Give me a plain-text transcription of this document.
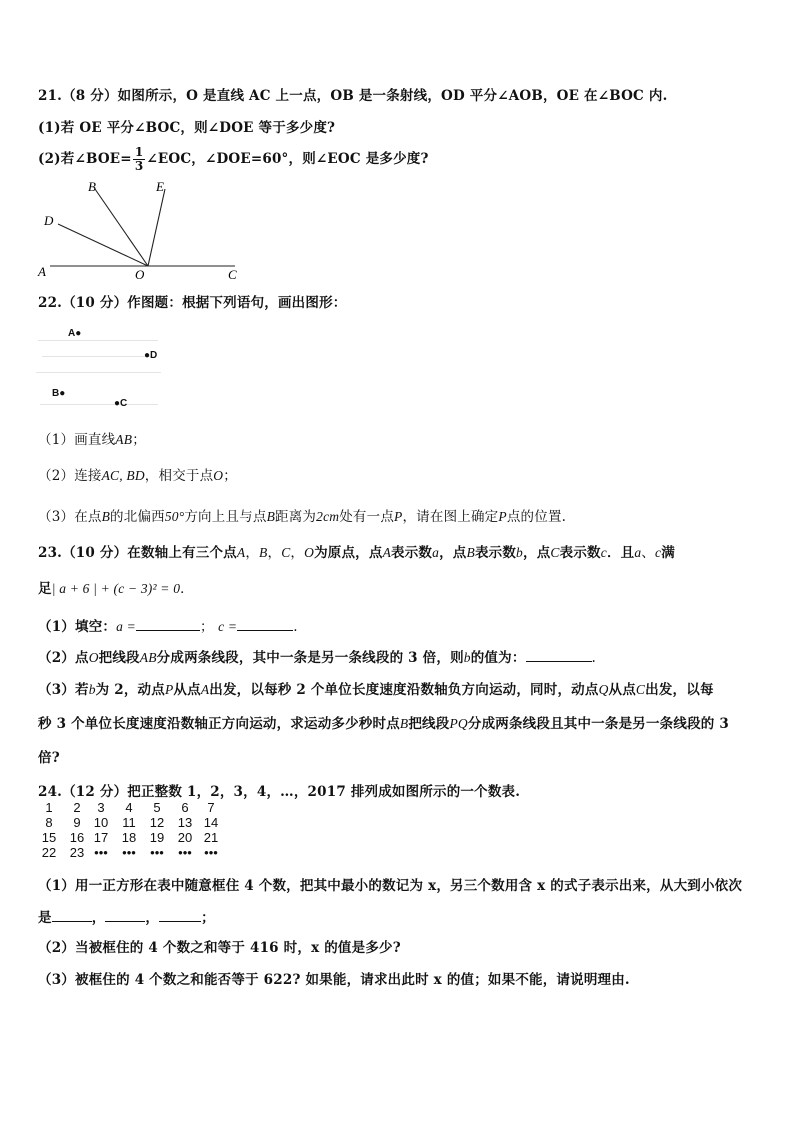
21.（8 分）如图所示，O 是直线 AC 上一点，OB 是一条射线，OD 平分∠AOB，OE 在∠BOC 内.
(1)若 OE 平分∠BOC，则∠DOE 等于多少度?
(2)若∠BOE= $\frac{1}{3}$ ∠EOC，∠DOE=60°，则∠EOC 是多少度?
B	E
D
A	O	C
22.（10 分）作图题：根据下列语句，画出图形：
A●
●D
B●
●C
（1）画直线AB；
（2）连接AC, BD，相交于点O；
（3）在点B的北偏西50°方向上且与点B距离为2cm处有一点P，请在图上确定P点的位置.
23.（10 分）在数轴上有三个点A，B，C，O为原点，点A表示数a，点B表示数b，点C表示数c．且a、c满
足| a + 6 | + (c − 3)² = 0．
（1）填空：a =	； c =	.
（2）点O把线段AB分成两条线段，其中一条是另一条线段的 3 倍，则b的值为：	.
（3）若b为 2，动点P从点A出发，以每秒 2 个单位长度速度沿数轴负方向运动，同时，动点Q从点C出发，以每
秒 3 个单位长度速度沿数轴正方向运动，求运动多少秒时点B把线段PQ分成两条线段且其中一条是另一条线段的 3
倍?
24.（12 分）把正整数 1，2，3，4，…，2017 排列成如图所示的一个数表.
1	2	3	4	5	6	7
8	9	10	11	12 13 14
15 16 17 18 19 20 21
22 23 •••	•••	•••	••• •••
（1）用一正方形在表中随意框住 4 个数，把其中最小的数记为 x，另三个数用含 x 的式子表示出来，从大到小依次
是	，	，	；
（2）当被框住的 4 个数之和等于 416 时，x 的值是多少?
（3）被框住的 4 个数之和能否等于 622? 如果能，请求出此时 x 的值；如果不能，请说明理由.
